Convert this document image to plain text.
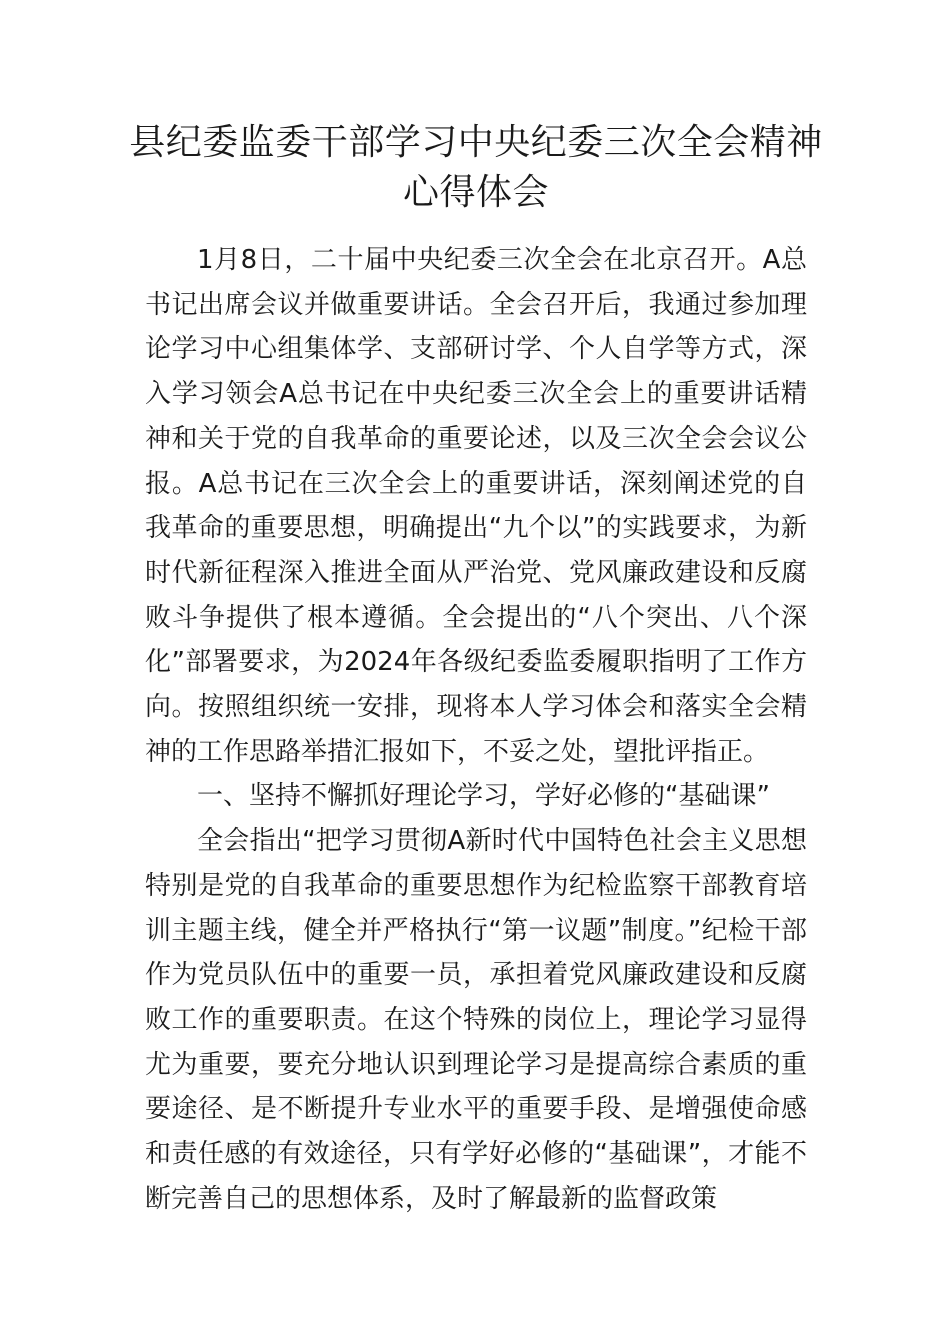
县纪委监委干部学习中央纪委三次全会精神心得体会

1月8日，二十届中央纪委三次全会在北京召开。A总书记出席会议并做重要讲话。全会召开后，我通过参加理论学习中心组集体学、支部研讨学、个人自学等方式，深入学习领会A总书记在中央纪委三次全会上的重要讲话精神和关于党的自我革命的重要论述，以及三次全会会议公报。A总书记在三次全会上的重要讲话，深刻阐述党的自我革命的重要思想，明确提出“九个以”的实践要求，为新时代新征程深入推进全面从严治党、党风廉政建设和反腐败斗争提供了根本遵循。全会提出的“八个突出、八个深化”部署要求，为2024年各级纪委监委履职指明了工作方向。按照组织统一安排，现将本人学习体会和落实全会精神的工作思路举措汇报如下，不妥之处，望批评指正。

一、坚持不懈抓好理论学习，学好必修的“基础课”

全会指出“把学习贯彻A新时代中国特色社会主义思想特别是党的自我革命的重要思想作为纪检监察干部教育培训主题主线，健全并严格执行“第一议题”制度。”纪检干部作为党员队伍中的重要一员，承担着党风廉政建设和反腐败工作的重要职责。在这个特殊的岗位上，理论学习显得尤为重要，要充分地认识到理论学习是提高综合素质的重要途径、是不断提升专业水平的重要手段、是增强使命感和责任感的有效途径，只有学好必修的“基础课”，才能不断完善自己的思想体系，及时了解最新的监督政策
